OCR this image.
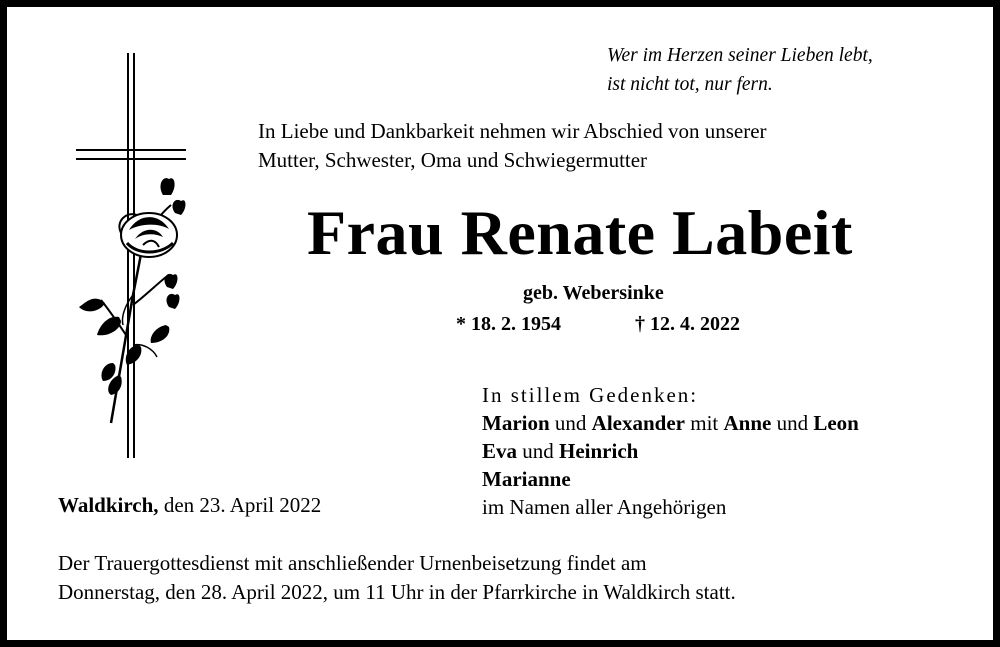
Wer im Herzen seiner Lieben lebt,
ist nicht tot, nur fern.
In Liebe und Dankbarkeit nehmen wir Abschied von unserer
Mutter, Schwester, Oma und Schwiegermutter
Frau Renate Labeit
geb. Webersinke
* 18. 2. 1954	† 12. 4. 2022
In stillem Gedenken:
Marion und Alexander mit Anne und Leon
Eva und Heinrich
Marianne
im Namen aller Angehörigen
Waldkirch, den 23. April 2022
Der Trauergottesdienst mit anschließender Urnenbeisetzung findet am
Donnerstag, den 28. April 2022, um 11 Uhr in der Pfarrkirche in Waldkirch statt.
